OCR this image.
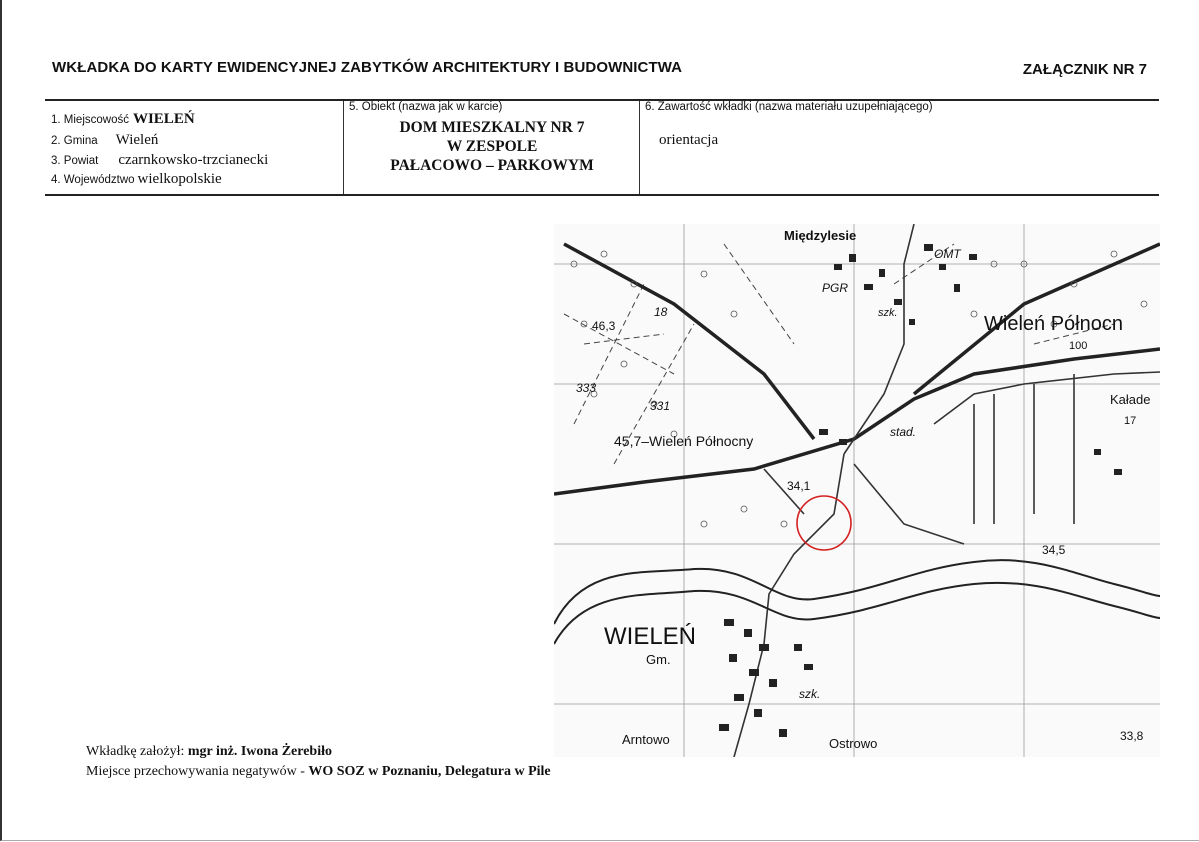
WKŁADKA DO KARTY EWIDENCYJNEJ ZABYTKÓW ARCHITEKTURY I BUDOWNICTWA	ZAŁĄCZNIK NR 7
1. Miejscowość WIELEŃ
2. Gmina Wieleń
3. Powiat czarnkowsko-trzcianecki
4. Województwo wielkopolskie
5. Obiekt (nazwa jak w karcie)
DOM MIESZKALNY NR 7
W ZESPOLE
PAŁACOWO – PARKOWYM
6. Zawartość wkładki (nazwa materiału uzupełniającego)
orientacja
Międzylesie
OMT
PGR
szk.	Wieleń Północn
100
Kałade
17
46,3
18
333
331
45,7–Wieleń Północny
stad.
34,1
34,5
WIELEŃ
Gm.
szk.
Arntowo	Ostrowo	33,8
Wkładkę założył: mgr inż. Iwona Żerebiło
Miejsce przechowywania negatywów - WO SOZ w Poznaniu, Delegatura w Pile
